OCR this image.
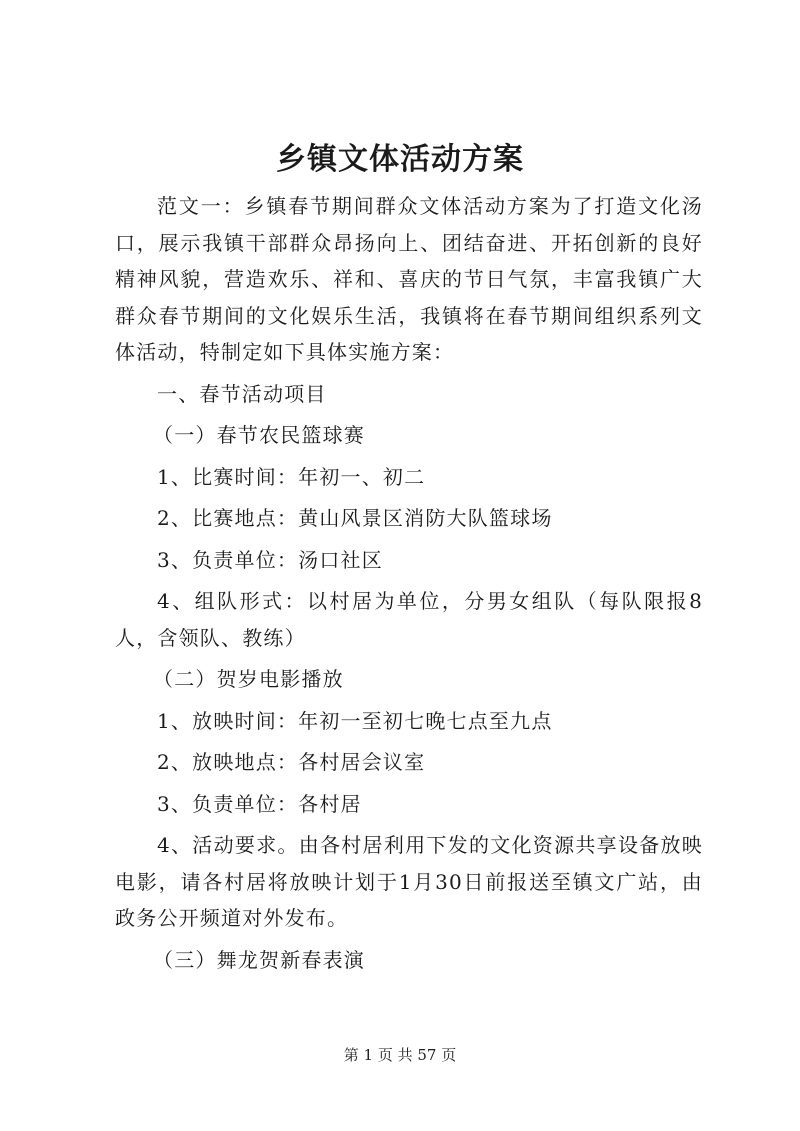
乡镇文体活动方案

范文一：乡镇春节期间群众文体活动方案为了打造文化汤口，展示我镇干部群众昂扬向上、团结奋进、开拓创新的良好精神风貌，营造欢乐、祥和、喜庆的节日气氛，丰富我镇广大群众春节期间的文化娱乐生活，我镇将在春节期间组织系列文体活动，特制定如下具体实施方案：

一、春节活动项目

（一）春节农民篮球赛

1、比赛时间：年初一、初二

2、比赛地点：黄山风景区消防大队篮球场

3、负责单位：汤口社区

4、组队形式：以村居为单位，分男女组队（每队限报8人，含领队、教练）

（二）贺岁电影播放

1、放映时间：年初一至初七晚七点至九点

2、放映地点：各村居会议室

3、负责单位：各村居

4、活动要求。由各村居利用下发的文化资源共享设备放映电影，请各村居将放映计划于1月30日前报送至镇文广站，由政务公开频道对外发布。

（三）舞龙贺新春表演

第 1 页 共 57 页
